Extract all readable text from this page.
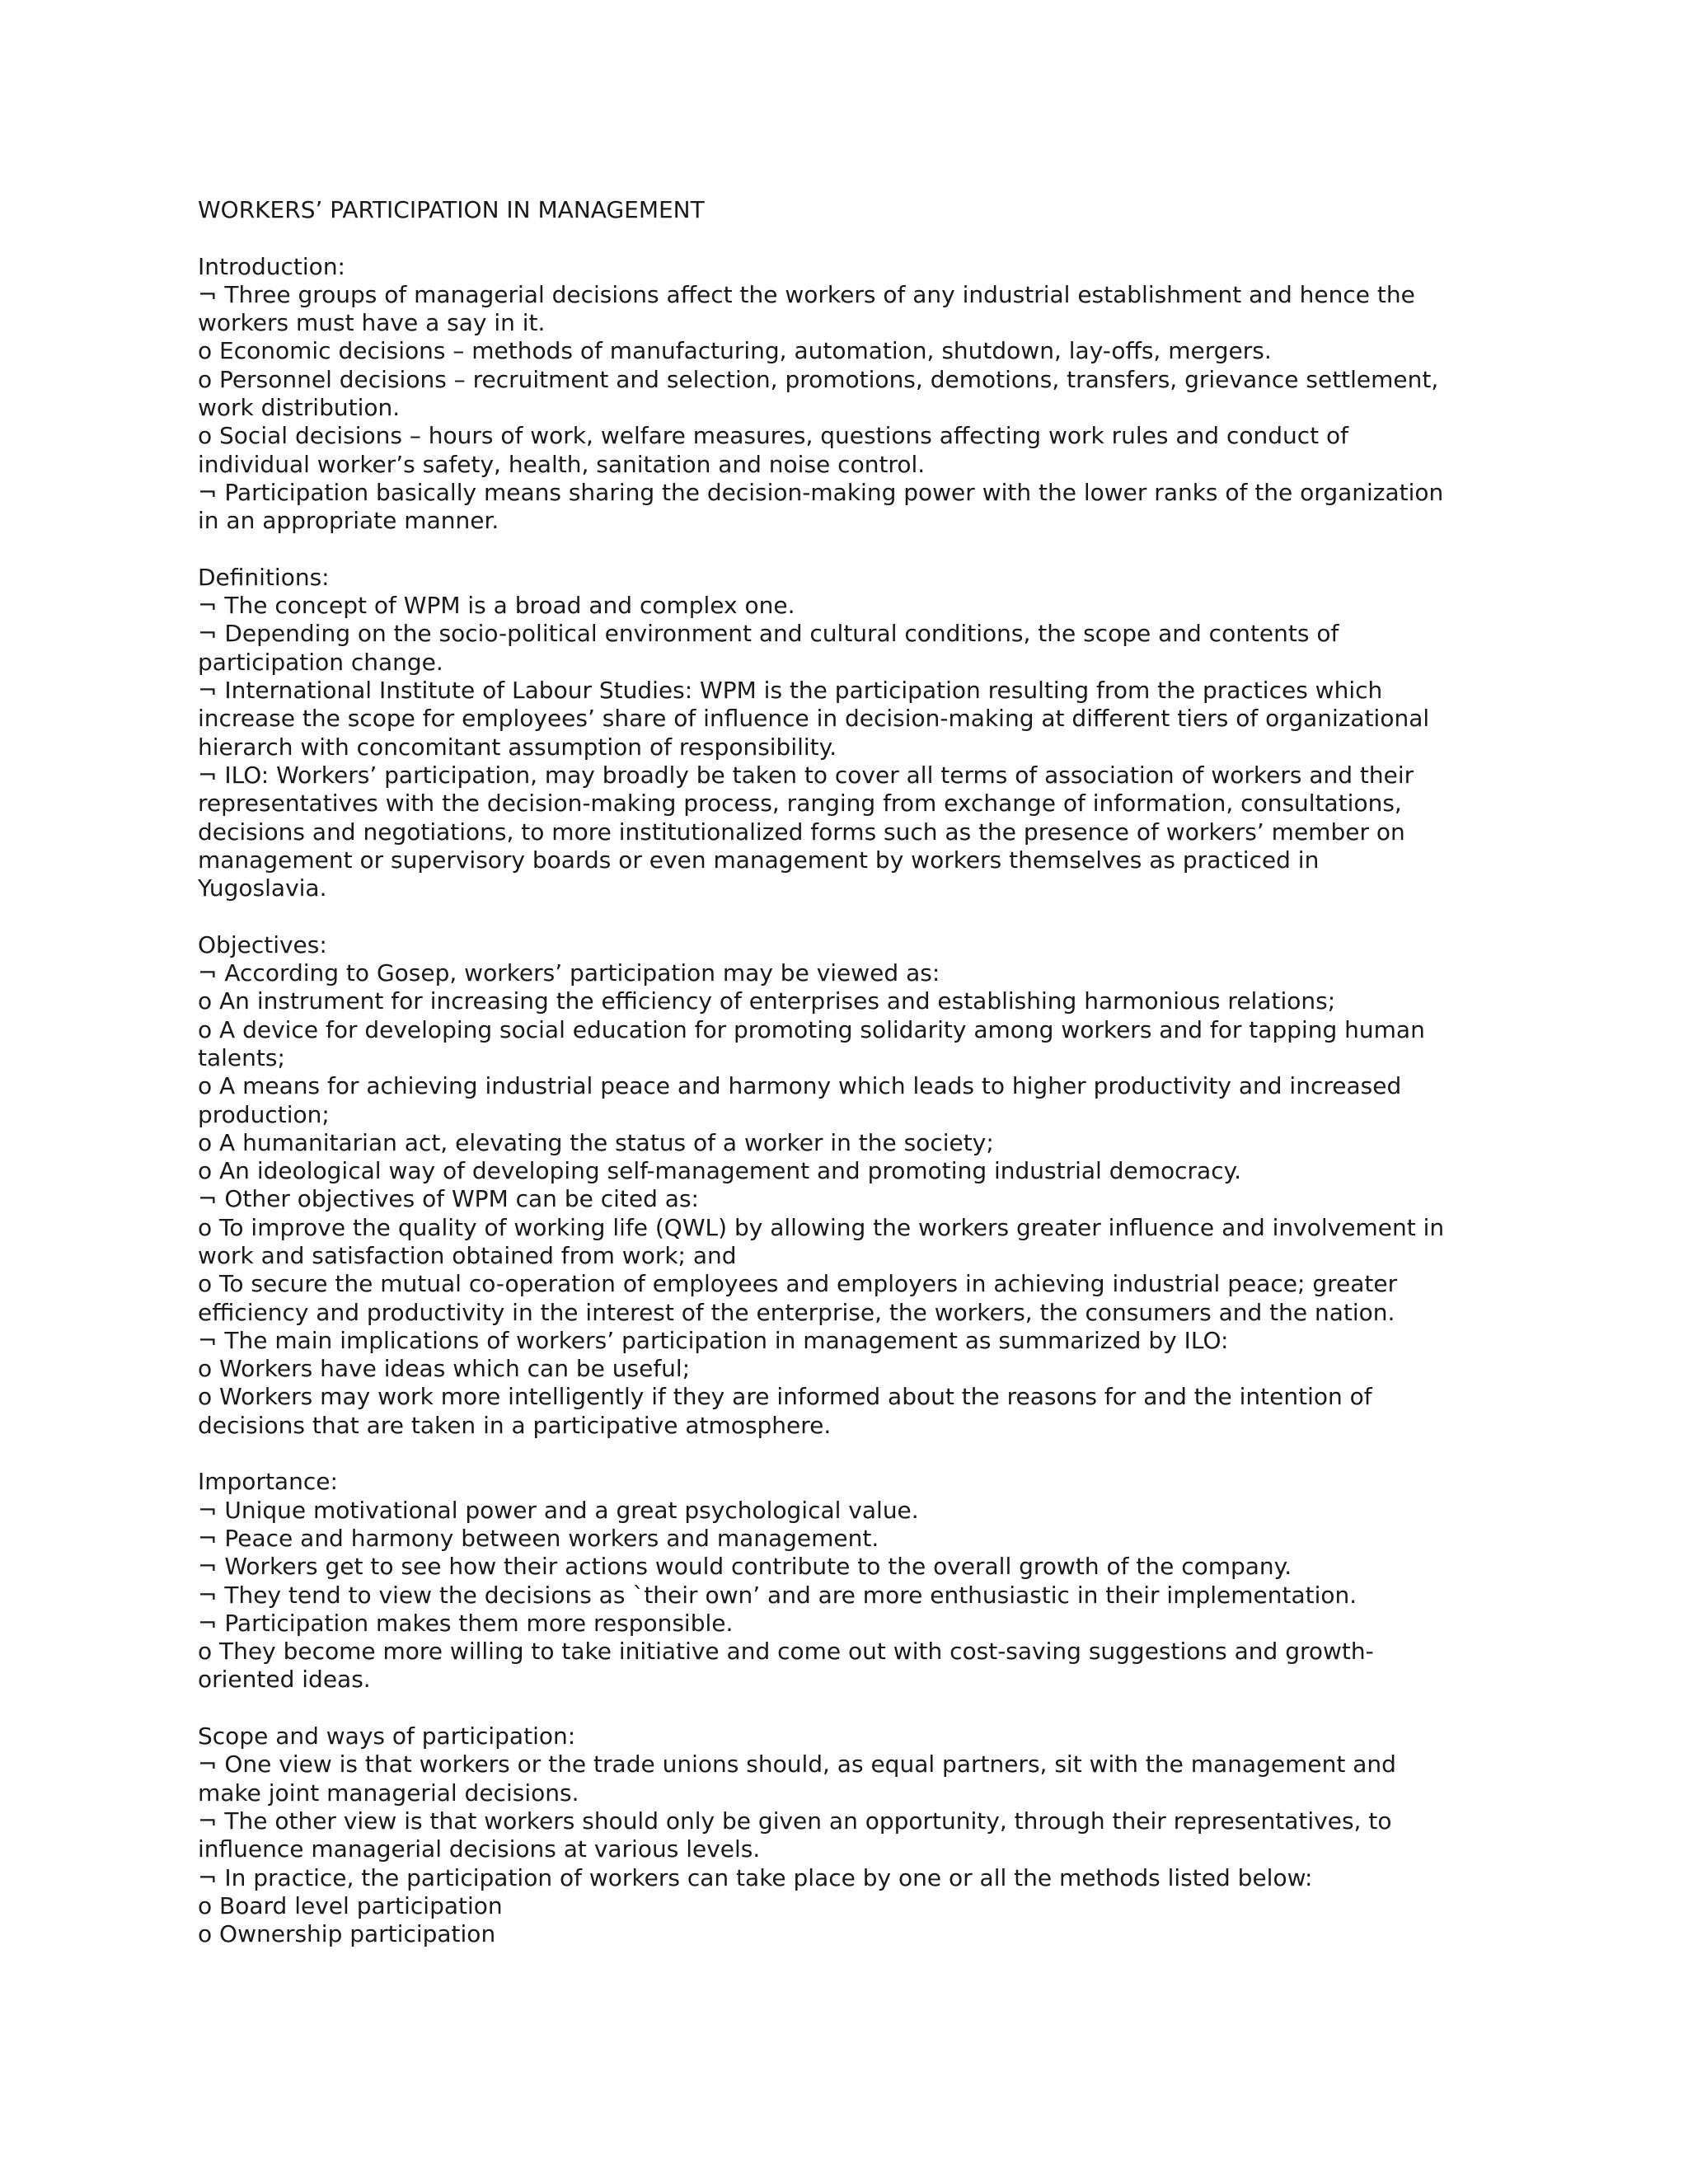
WORKERS’ PARTICIPATION IN MANAGEMENT
Introduction:
¬ Three groups of managerial decisions affect the workers of any industrial establishment and hence the
workers must have a say in it.
o Economic decisions – methods of manufacturing, automation, shutdown, lay-offs, mergers.
o Personnel decisions – recruitment and selection, promotions, demotions, transfers, grievance settlement,
work distribution.
o Social decisions – hours of work, welfare measures, questions affecting work rules and conduct of
individual worker’s safety, health, sanitation and noise control.
¬ Participation basically means sharing the decision-making power with the lower ranks of the organization
in an appropriate manner.
Definitions:
¬ The concept of WPM is a broad and complex one.
¬ Depending on the socio-political environment and cultural conditions, the scope and contents of
participation change.
¬ International Institute of Labour Studies: WPM is the participation resulting from the practices which
increase the scope for employees’ share of influence in decision-making at different tiers of organizational
hierarch with concomitant assumption of responsibility.
¬ ILO: Workers’ participation, may broadly be taken to cover all terms of association of workers and their
representatives with the decision-making process, ranging from exchange of information, consultations,
decisions and negotiations, to more institutionalized forms such as the presence of workers’ member on
management or supervisory boards or even management by workers themselves as practiced in
Yugoslavia.
Objectives:
¬ According to Gosep, workers’ participation may be viewed as:
o An instrument for increasing the efficiency of enterprises and establishing harmonious relations;
o A device for developing social education for promoting solidarity among workers and for tapping human
talents;
o A means for achieving industrial peace and harmony which leads to higher productivity and increased
production;
o A humanitarian act, elevating the status of a worker in the society;
o An ideological way of developing self-management and promoting industrial democracy.
¬ Other objectives of WPM can be cited as:
o To improve the quality of working life (QWL) by allowing the workers greater influence and involvement in
work and satisfaction obtained from work; and
o To secure the mutual co-operation of employees and employers in achieving industrial peace; greater
efficiency and productivity in the interest of the enterprise, the workers, the consumers and the nation.
¬ The main implications of workers’ participation in management as summarized by ILO:
o Workers have ideas which can be useful;
o Workers may work more intelligently if they are informed about the reasons for and the intention of
decisions that are taken in a participative atmosphere.
Importance:
¬ Unique motivational power and a great psychological value.
¬ Peace and harmony between workers and management.
¬ Workers get to see how their actions would contribute to the overall growth of the company.
¬ They tend to view the decisions as `their own’ and are more enthusiastic in their implementation.
¬ Participation makes them more responsible.
o They become more willing to take initiative and come out with cost-saving suggestions and growth-
oriented ideas.
Scope and ways of participation:
¬ One view is that workers or the trade unions should, as equal partners, sit with the management and
make joint managerial decisions.
¬ The other view is that workers should only be given an opportunity, through their representatives, to
influence managerial decisions at various levels.
¬ In practice, the participation of workers can take place by one or all the methods listed below:
o Board level participation
o Ownership participation
